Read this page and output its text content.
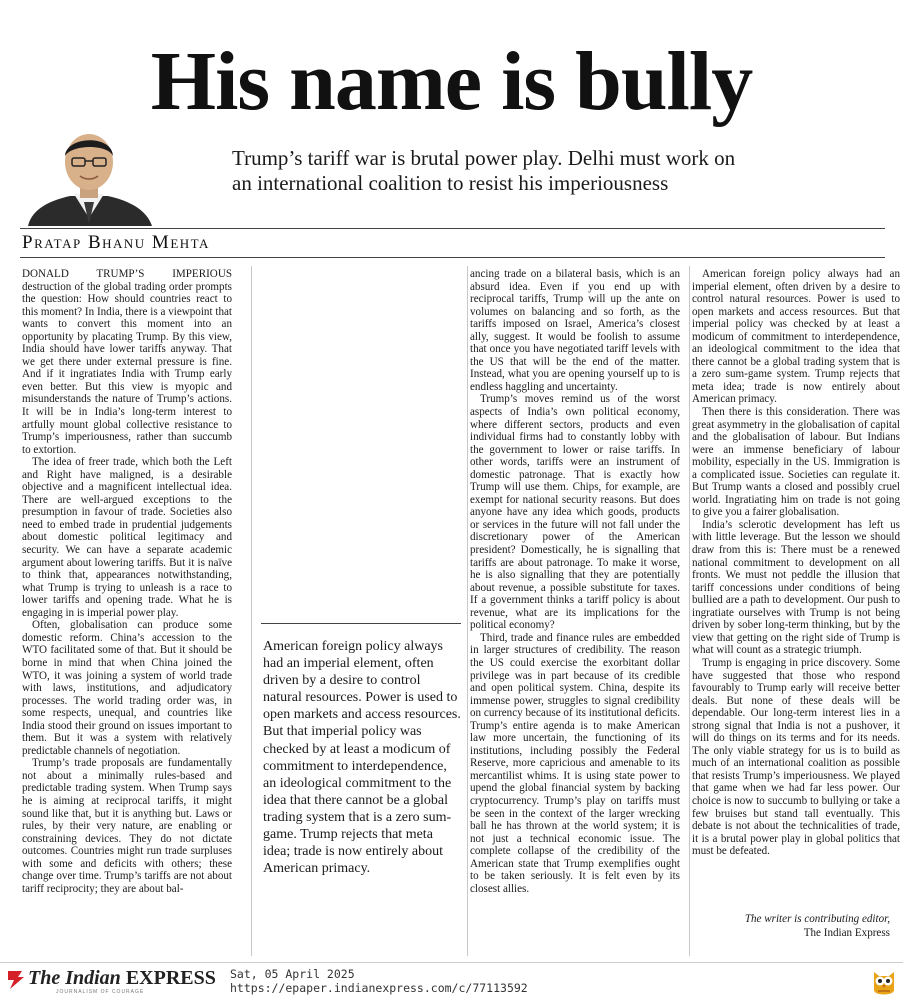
His name is bully
Trump’s tariff war is brutal power play. Delhi must work on an international coalition to resist his imperiousness
Pratap Bhanu Mehta

DONALD TRUMP’S IMPERIOUS destruction of the global trading order prompts the question: How should countries react to this moment? In India, there is a viewpoint that wants to convert this moment into an opportunity by placating Trump. By this view, India should have lower tariffs anyway. That we get there under external pressure is fine. And if it ingratiates India with Trump early even better. But this view is myopic and misunderstands the nature of Trump’s actions. It will be in India’s long-term interest to artfully mount global collective resistance to Trump’s imperiousness, rather than succumb to extortion.

The idea of freer trade, which both the Left and Right have maligned, is a desirable objective and a magnificent intellectual idea. There are well-argued exceptions to the presumption in favour of trade. Societies also need to embed trade in prudential judgements about domestic political legitimacy and security. We can have a separate academic argument about lowering tariffs. But it is naïve to think that, appearances notwithstanding, what Trump is trying to unleash is a race to lower tariffs and opening trade. What he is engaging in is imperial power play.

Often, globalisation can produce some domestic reform. China’s accession to the WTO facilitated some of that. But it should be borne in mind that when China joined the WTO, it was joining a system of world trade with laws, institutions, and adjudicatory processes. The world trading order was, in some respects, unequal, and countries like India stood their ground on issues important to them. But it was a system with relatively predictable channels of negotiation.

Trump’s trade proposals are fundamentally not about a minimally rules-based and predictable trading system. When Trump says he is aiming at reciprocal tariffs, it might sound like that, but it is anything but. Laws or rules, by their very nature, are enabling or constraining devices. They do not dictate outcomes. Countries might run trade surpluses with some and deficits with others; these change over time. Trump’s tariffs are not about tariff reciprocity; they are about bal-

American foreign policy always had an imperial element, often driven by a desire to control natural resources. Power is used to open markets and access resources. But that imperial policy was checked by at least a modicum of commitment to interdependence, an ideological commitment to the idea that there cannot be a global trading system that is a zero sum-game. Trump rejects that meta idea; trade is now entirely about American primacy.

ancing trade on a bilateral basis, which is an absurd idea. Even if you end up with reciprocal tariffs, Trump will up the ante on volumes on balancing and so forth, as the tariffs imposed on Israel, America’s closest ally, suggest. It would be foolish to assume that once you have negotiated tariff levels with the US that will be the end of the matter. Instead, what you are opening yourself up to is endless haggling and uncertainty.

Trump’s moves remind us of the worst aspects of India’s own political economy, where different sectors, products and even individual firms had to constantly lobby with the government to lower or raise tariffs. In other words, tariffs were an instrument of domestic patronage. That is exactly how Trump will use them. Chips, for example, are exempt for national security reasons. But does anyone have any idea which goods, products or services in the future will not fall under the discretionary power of the American president? Domestically, he is signalling that tariffs are about patronage. To make it worse, he is also signalling that they are potentially about revenue, a possible substitute for taxes. If a government thinks a tariff policy is about revenue, what are its implications for the political economy?

Third, trade and finance rules are embedded in larger structures of credibility. The reason the US could exercise the exorbitant dollar privilege was in part because of its credible and open political system. China, despite its immense power, struggles to signal credibility on currency because of its institutional deficits. Trump’s entire agenda is to make American law more uncertain, the functioning of its institutions, including possibly the Federal Reserve, more capricious and amenable to its mercantilist whims. It is using state power to upend the global financial system by backing cryptocurrency. Trump’s play on tariffs must be seen in the context of the larger wrecking ball he has thrown at the world system; it is not just a technical economic issue. The complete collapse of the credibility of the American state that Trump exemplifies ought to be taken seriously. It is felt even by its closest allies.

American foreign policy always had an imperial element, often driven by a desire to control natural resources. Power is used to open markets and access resources. But that imperial policy was checked by at least a modicum of commitment to interdependence, an ideological commitment to the idea that there cannot be a global trading system that is a zero sum-game system. Trump rejects that meta idea; trade is now entirely about American primacy.

Then there is this consideration. There was great asymmetry in the globalisation of capital and the globalisation of labour. But Indians were an immense beneficiary of labour mobility, especially in the US. Immigration is a complicated issue. Societies can regulate it. But Trump wants a closed and possibly cruel world. Ingratiating him on trade is not going to give you a fairer globalisation.

India’s sclerotic development has left us with little leverage. But the lesson we should draw from this is: There must be a renewed national commitment to development on all fronts. We must not peddle the illusion that tariff concessions under conditions of being bullied are a path to development. Our push to ingratiate ourselves with Trump is not being driven by sober long-term thinking, but by the view that getting on the right side of Trump is what will count as a strategic triumph.

Trump is engaging in price discovery. Some have suggested that those who respond favourably to Trump early will receive better deals. But none of these deals will be dependable. Our long-term interest lies in a strong signal that India is not a pushover, it will do things on its terms and for its needs. The only viable strategy for us is to build as much of an international coalition as possible that resists Trump’s imperiousness. We played that game when we had far less power. Our choice is now to succumb to bullying or take a few bruises but stand tall eventually. This debate is not about the technicalities of trade, it is a brutal power play in global politics that must be defeated.

The writer is contributing editor,
The Indian Express
The Indian EXPRESS
JOURNALISM OF COURAGE
Sat, 05 April 2025
https://epaper.indianexpress.com/c/77113592
